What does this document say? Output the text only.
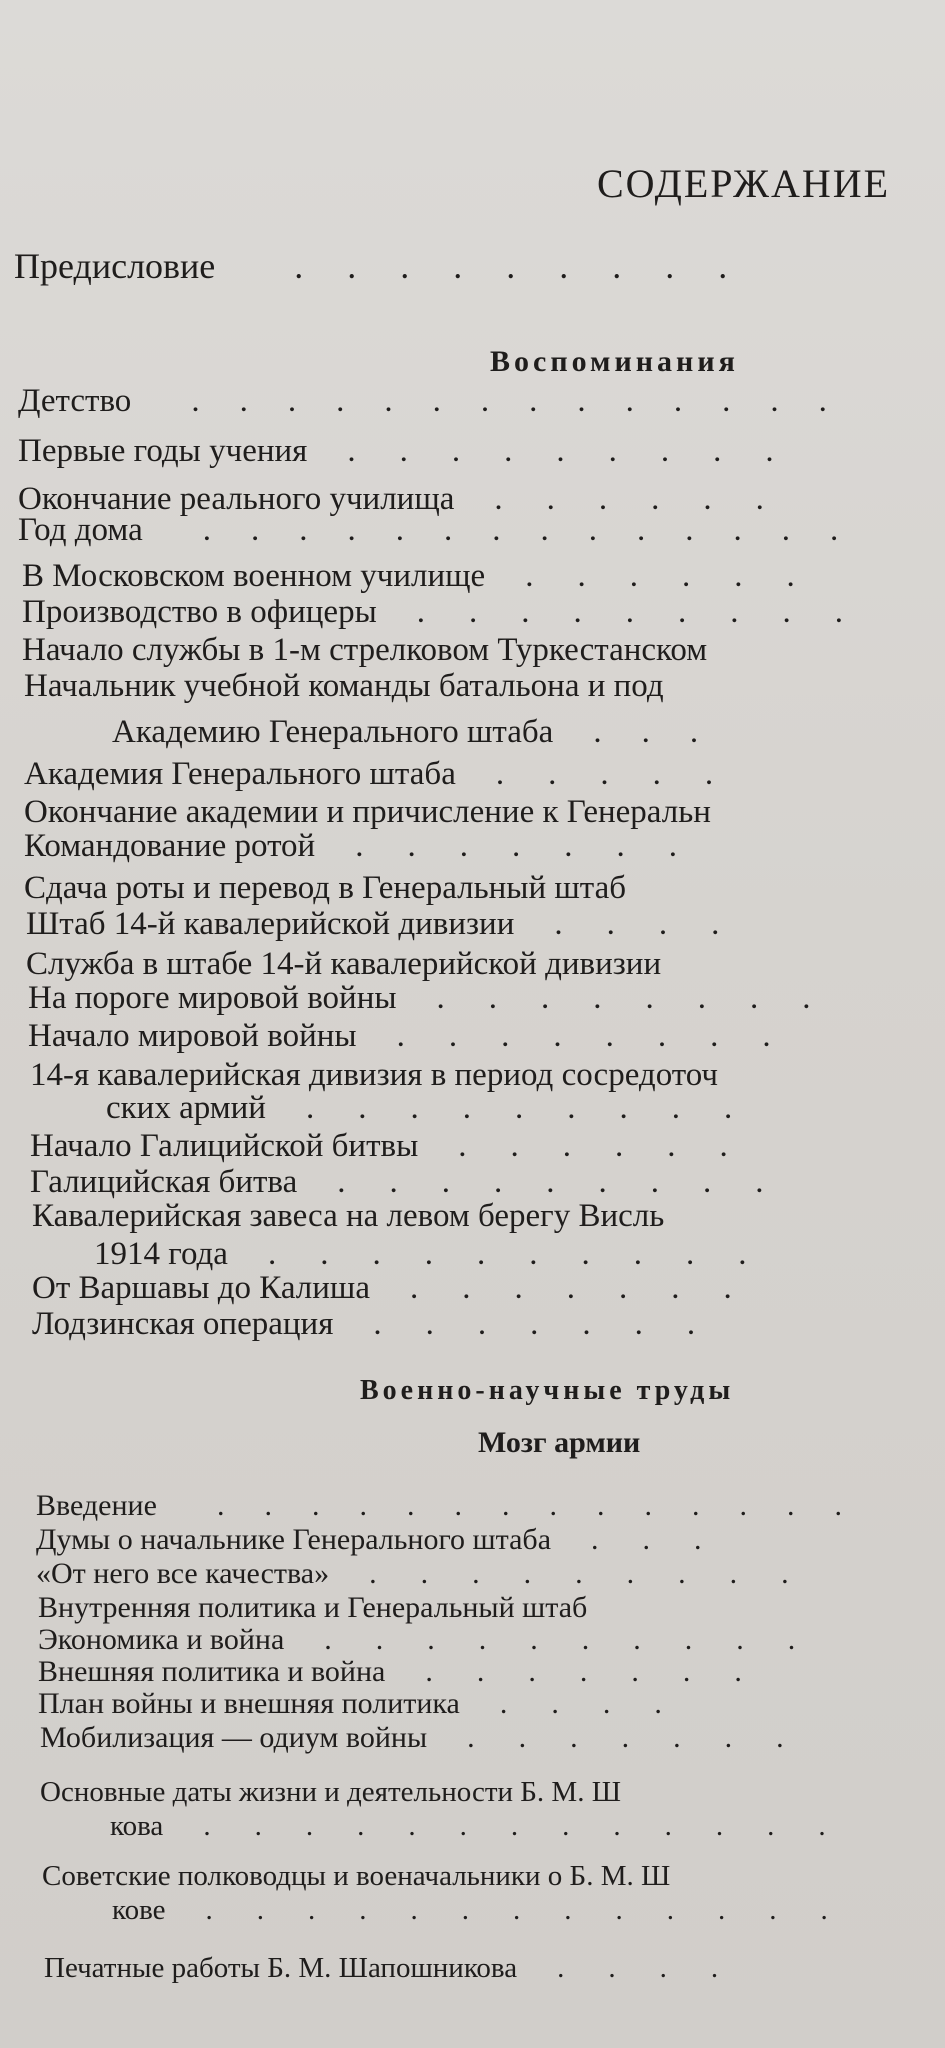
СОДЕРЖАНИЕ
Предисловие .........
Воспоминания
Детство ..............
Первые годы учения .........
Окончание реального училища ......
Год дома ..............
В Московском военном училище ......
Производство в офицеры .........
Начало службы в 1-м стрелковом Туркестанском
Начальник учебной команды батальона и под
Академию Генерального штаба ...
Академия Генерального штаба .....
Окончание академии и причисление к Генеральн
Командование ротой .......
Сдача роты и перевод в Генеральный штаб
Штаб 14-й кавалерийской дивизии ....
Служба в штабе 14-й кавалерийской дивизии
На пороге мировой войны ........
Начало мировой войны ........
14-я кавалерийская дивизия в период сосредоточ
ских армий .........
Начало Галицийской битвы ......
Галицийская битва .........
Кавалерийская завеса на левом берегу Висль
1914 года ..........
От Варшавы до Калиша .......
Лодзинская операция .......
Военно-научные труды
Мозг армии
Введение ..............
Думы о начальнике Генерального штаба ...
«От него все качества» .........
Внутренняя политика и Генеральный штаб
Экономика и война ..........
Внешняя политика и война .......
План войны и внешняя политика ....
Мобилизация — одиум войны .......
Основные даты жизни и деятельности Б. М. Ш
кова .............
Советские полководцы и военачальники о Б. М. Ш
кове .............
Печатные работы Б. М. Шапошникова ....
